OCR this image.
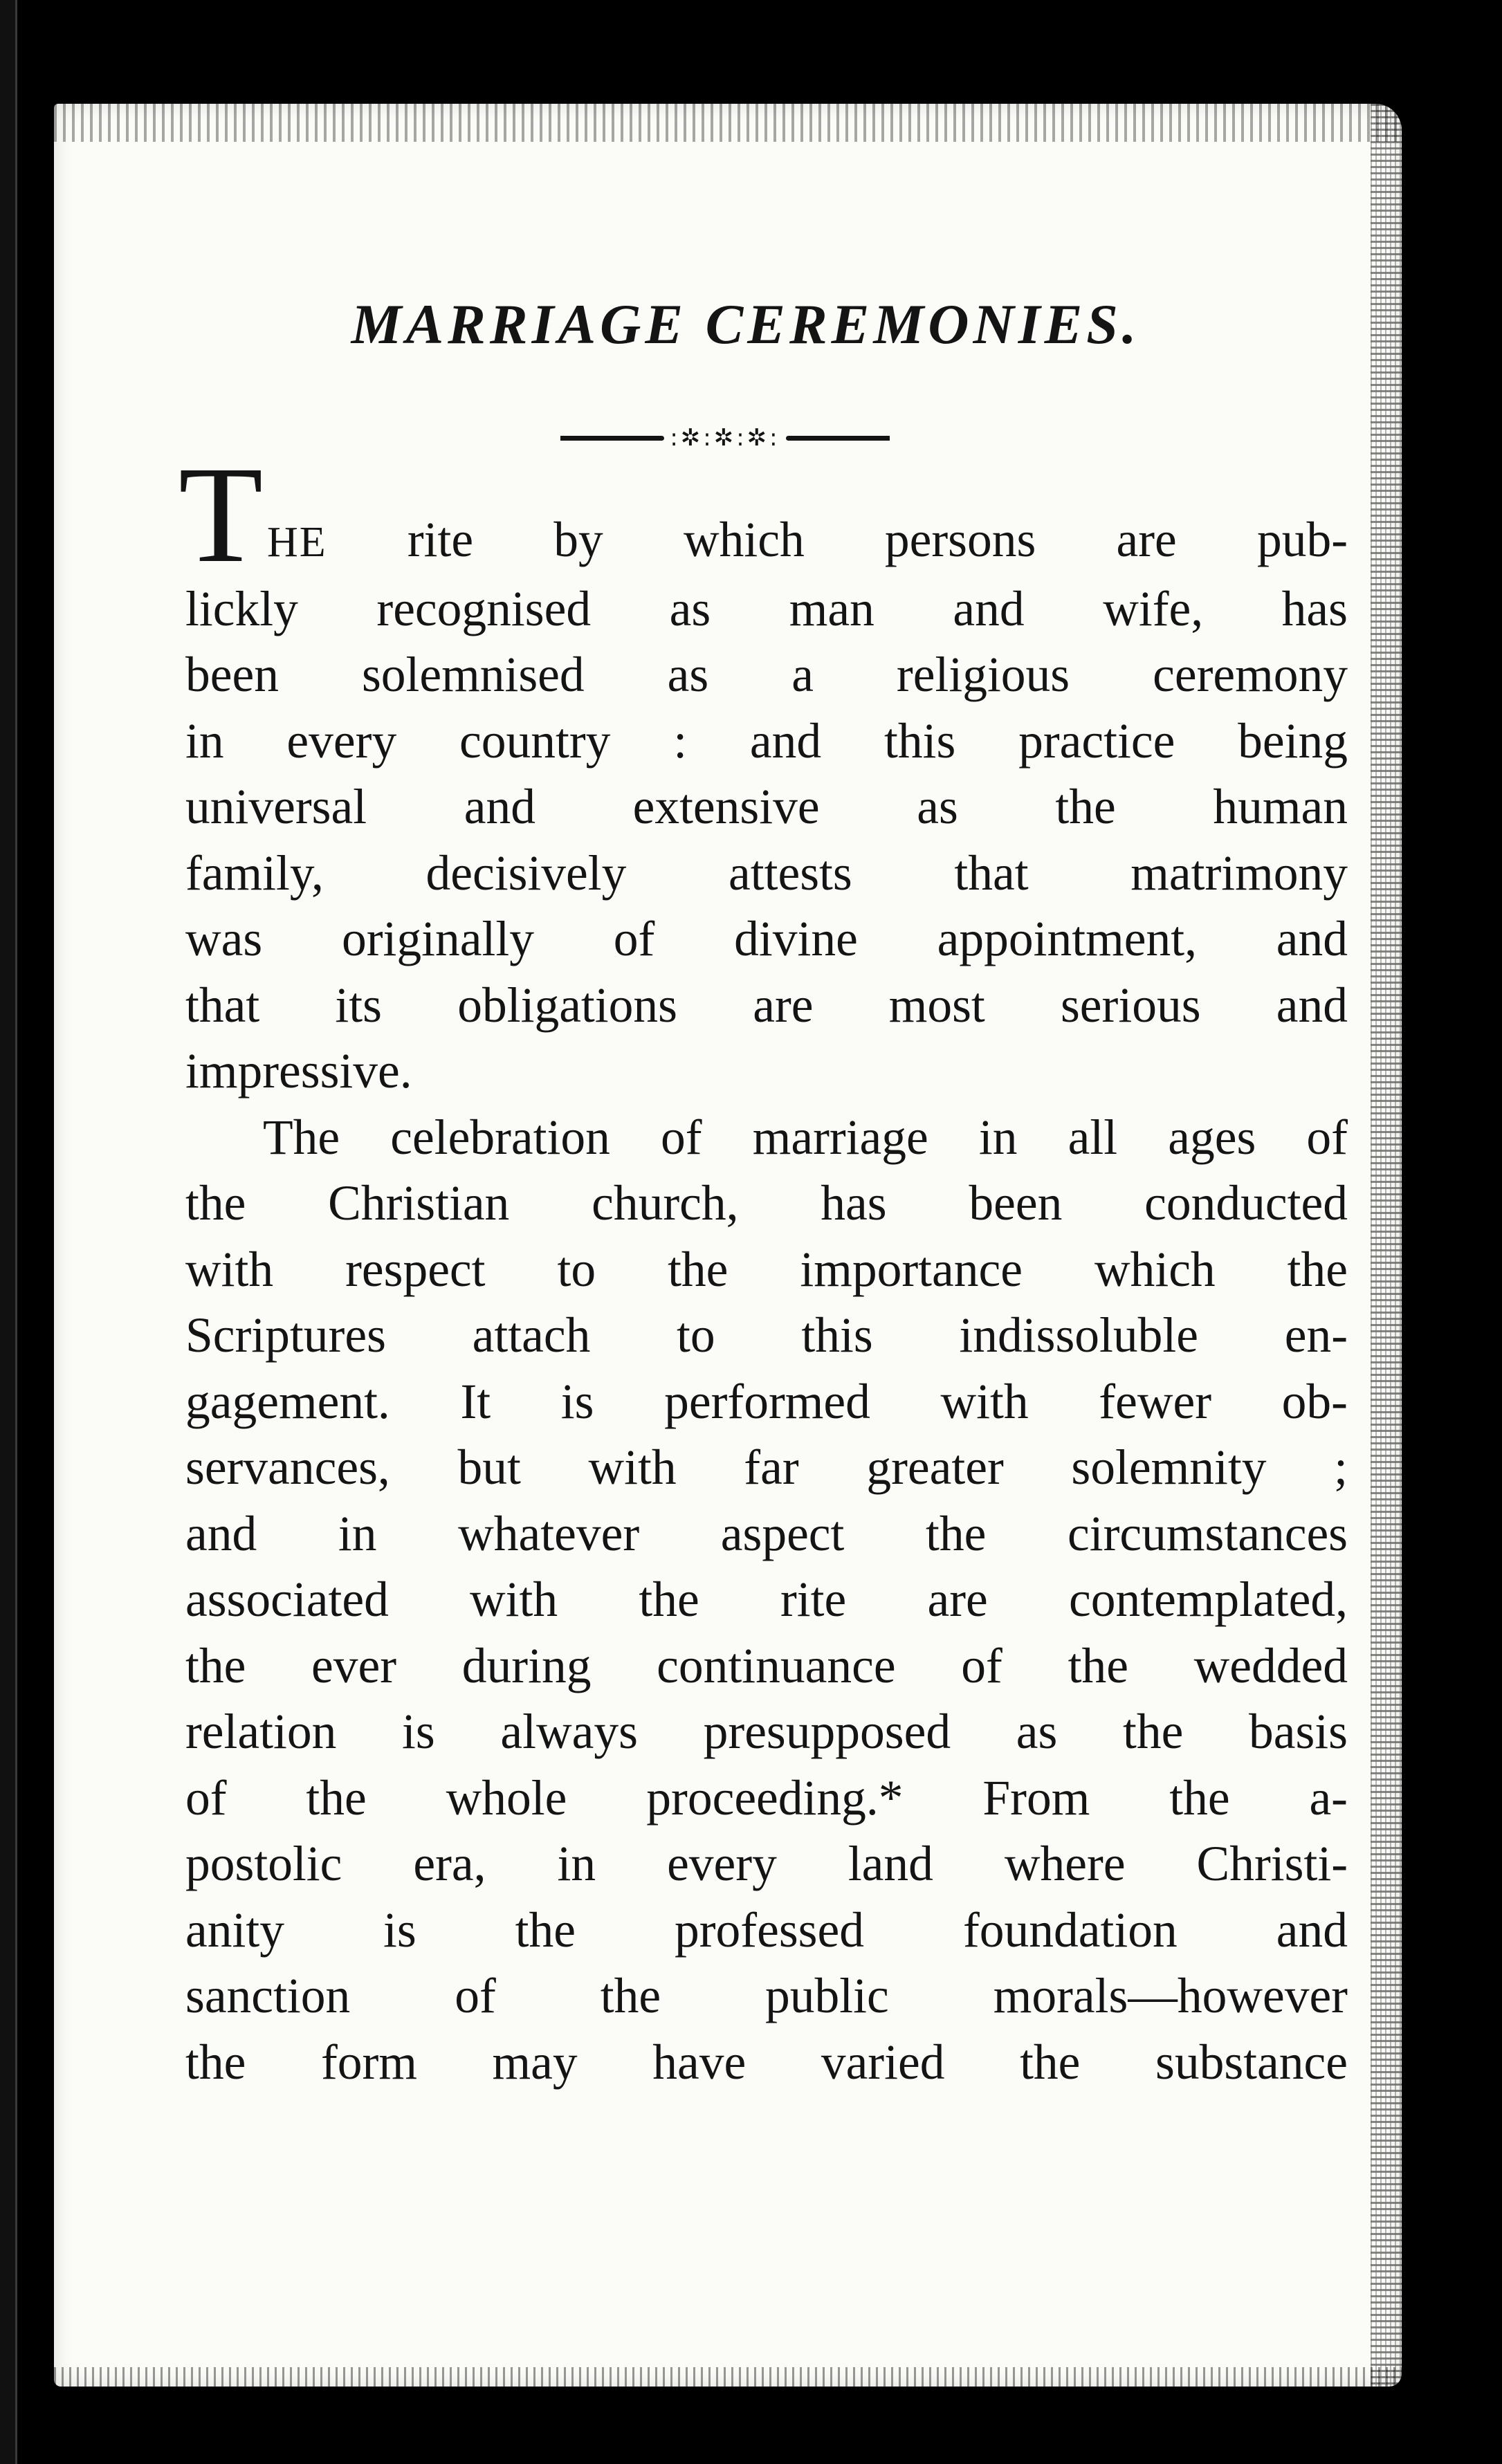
MARRIAGE CEREMONIES.
:✲:✲:✲:
T HE rite by which persons are pub-
lickly recognised as man and wife, has
been solemnised as a religious ceremony
in every country : and this practice being
universal and extensive as the human
family, decisively attests that matrimony
was originally of divine appointment, and
that its obligations are most serious and
impressive.
The celebration of marriage in all ages of
the Christian church, has been conducted
with respect to the importance which the
Scriptures attach to this indissoluble en-
gagement. It is performed with fewer ob-
servances, but with far greater solemnity ;
and in whatever aspect the circumstances
associated with the rite are contemplated,
the ever during continuance of the wedded
relation is always presupposed as the basis
of the whole proceeding.* From the a-
postolic era, in every land where Christi-
anity is the professed foundation and
sanction of the public morals—however
the form may have varied the substance
